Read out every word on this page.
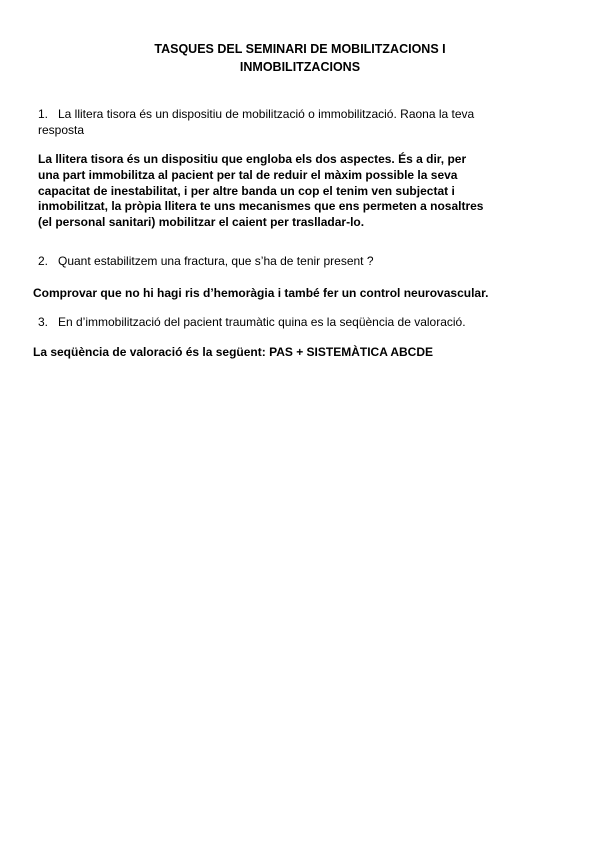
TASQUES DEL SEMINARI DE MOBILITZACIONS I
INMOBILITZACIONS
1. La llitera tisora és un dispositiu de mobilització o immobilització. Raona la teva
resposta
La llitera tisora és un dispositiu que engloba els dos aspectes. És a dir, per
una part immobilitza al pacient per tal de reduir el màxim possible la seva
capacitat de inestabilitat, i per altre banda un cop el tenim ven subjectat i
inmobilitzat, la pròpia llitera te uns mecanismes que ens permeten a nosaltres
(el personal sanitari) mobilitzar el caient per traslladar-lo.
2. Quant estabilitzem una fractura, que s’ha de tenir present ?
Comprovar que no hi hagi ris d’hemoràgia i també fer un control neurovascular.
3. En d’immobilització del pacient traumàtic quina es la seqüència de valoració.
La seqüència de valoració és la següent: PAS + SISTEMÀTICA ABCDE
